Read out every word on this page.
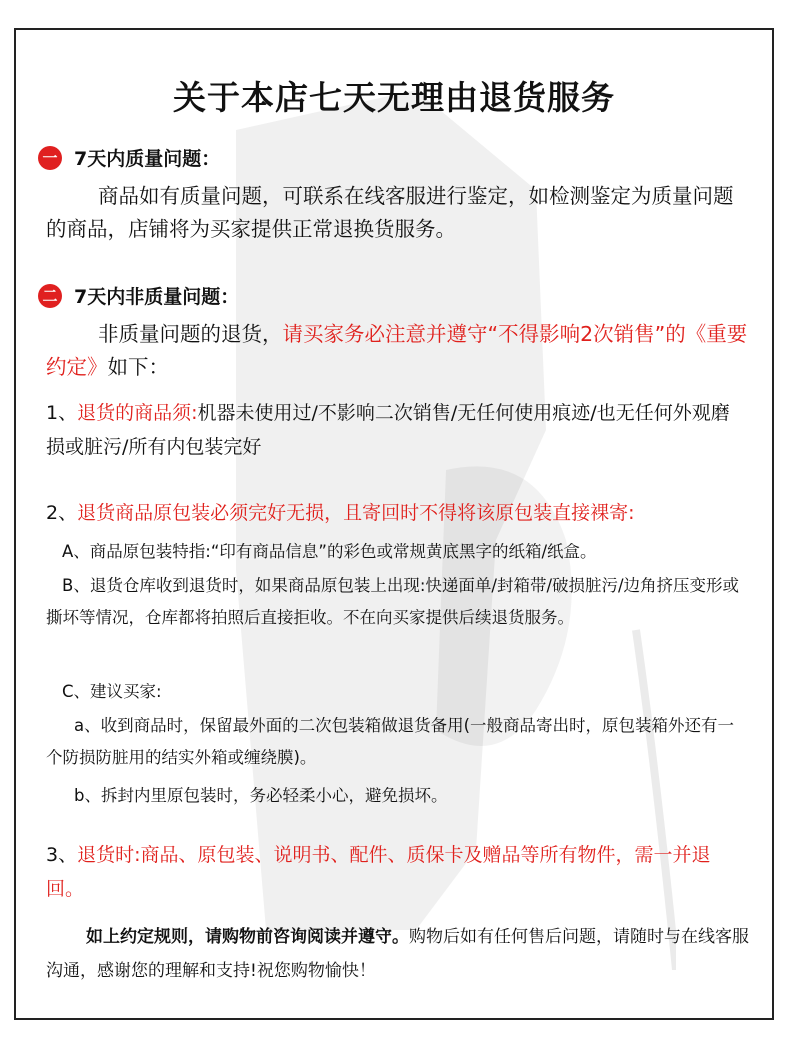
关于本店七天无理由退货服务
一 7天内质量问题：
商品如有质量问题，可联系在线客服进行鉴定，如检测鉴定为质量问题的商品，店铺将为买家提供正常退换货服务。
二 7天内非质量问题：
非质量问题的退货，请买家务必注意并遵守“不得影响2次销售”的《重要约定》如下：
1、退货的商品须:机器未使用过/不影响二次销售/无任何使用痕迹/也无任何外观磨损或脏污/所有内包装完好
2、退货商品原包装必须完好无损，且寄回时不得将该原包装直接裸寄:
A、商品原包装特指:“印有商品信息”的彩色或常规黄底黑字的纸箱/纸盒。
B、退货仓库收到退货时，如果商品原包装上出现:快递面单/封箱带/破损脏污/边角挤压变形或撕坏等情况，仓库都将拍照后直接拒收。不在向买家提供后续退货服务。
C、建议买家:
a、收到商品时，保留最外面的二次包装箱做退货备用(一般商品寄出时，原包装箱外还有一个防损防脏用的结实外箱或缠绕膜)。
b、拆封内里原包装时，务必轻柔小心，避免损坏。
3、退货时:商品、原包装、说明书、配件、质保卡及赠品等所有物件，需一并退回。
如上约定规则，请购物前咨询阅读并遵守。购物后如有任何售后问题，请随时与在线客服沟通，感谢您的理解和支持!祝您购物愉快！
